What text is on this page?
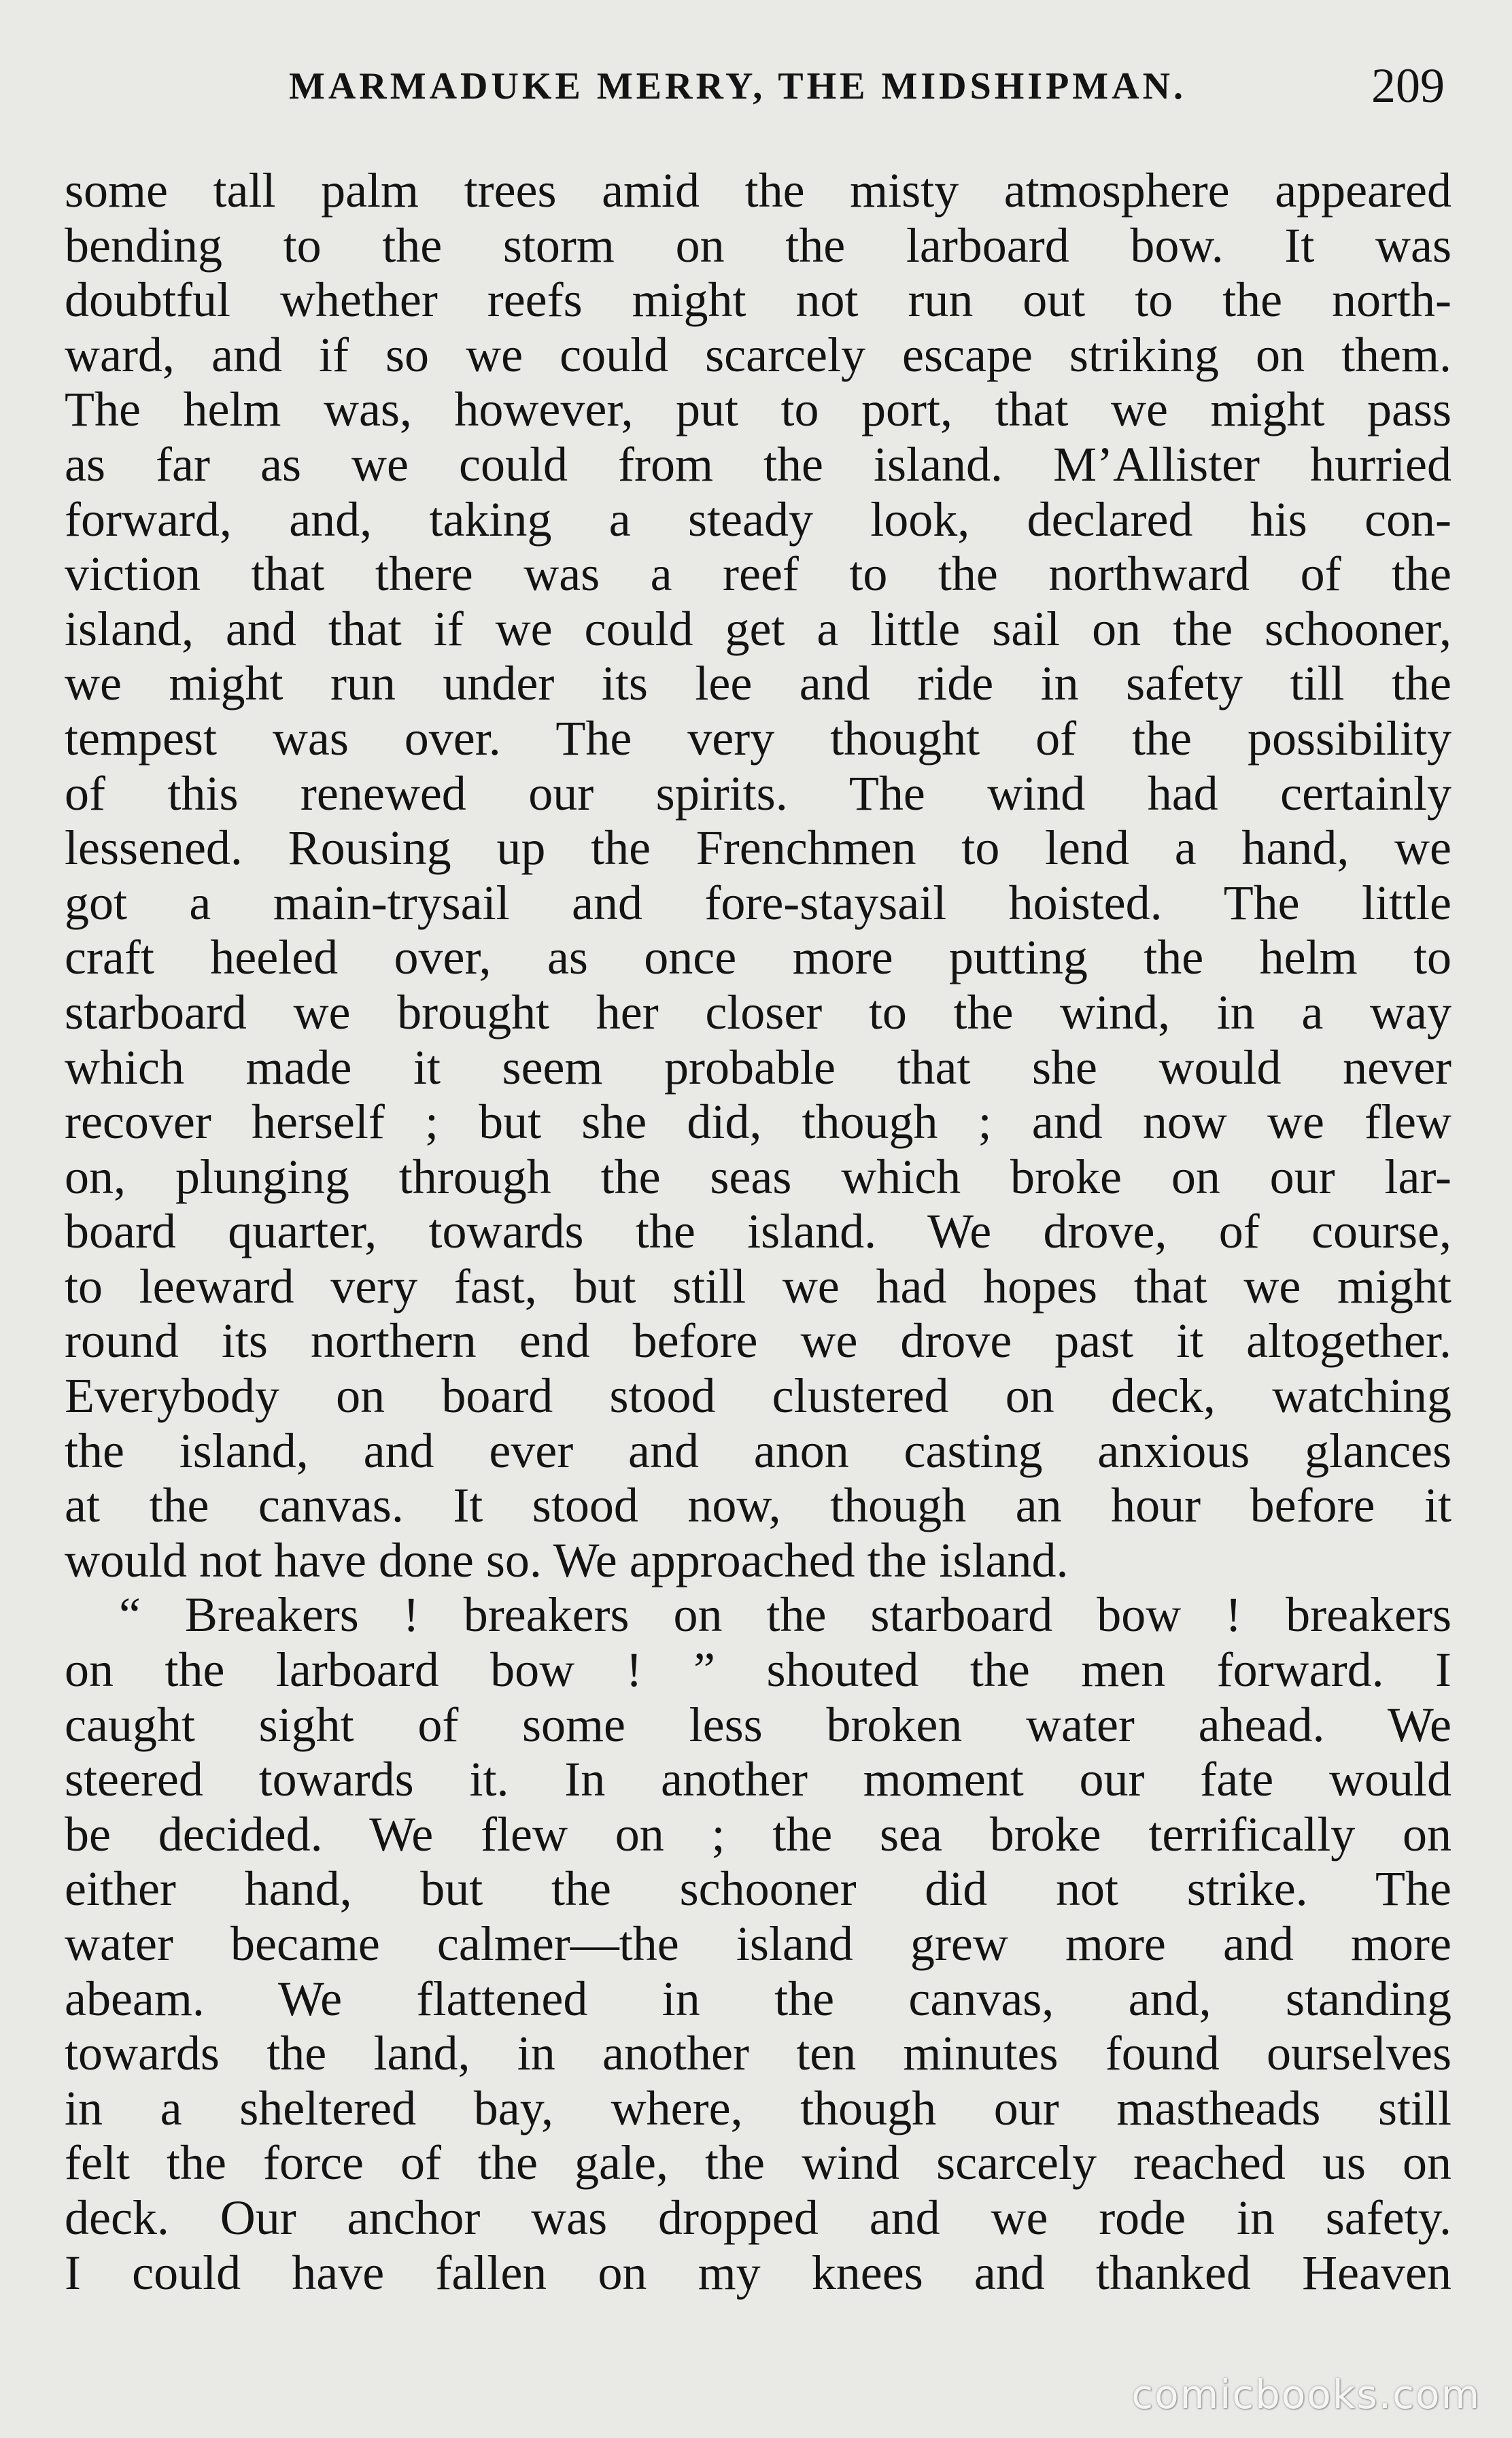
MARMADUKE MERRY, THE MIDSHIPMAN.	209
some tall palm trees amid the misty atmosphere appeared
bending to the storm on the larboard bow. It was
doubtful whether reefs might not run out to the north-
ward, and if so we could scarcely escape striking on them.
The helm was, however, put to port, that we might pass
as far as we could from the island. M’Allister hurried
forward, and, taking a steady look, declared his con-
viction that there was a reef to the northward of the
island, and that if we could get a little sail on the schooner,
we might run under its lee and ride in safety till the
tempest was over. The very thought of the possibility
of this renewed our spirits. The wind had certainly
lessened. Rousing up the Frenchmen to lend a hand, we
got a main-trysail and fore-staysail hoisted. The little
craft heeled over, as once more putting the helm to
starboard we brought her closer to the wind, in a way
which made it seem probable that she would never
recover herself ; but she did, though ; and now we flew
on, plunging through the seas which broke on our lar-
board quarter, towards the island. We drove, of course,
to leeward very fast, but still we had hopes that we might
round its northern end before we drove past it altogether.
Everybody on board stood clustered on deck, watching
the island, and ever and anon casting anxious glances
at the canvas. It stood now, though an hour before it
would not have done so. We approached the island.
“ Breakers ! breakers on the starboard bow ! breakers
on the larboard bow ! ” shouted the men forward. I
caught sight of some less broken water ahead. We
steered towards it. In another moment our fate would
be decided. We flew on ; the sea broke terrifically on
either hand, but the schooner did not strike. The
water became calmer—the island grew more and more
abeam. We flattened in the canvas, and, standing
towards the land, in another ten minutes found ourselves
in a sheltered bay, where, though our mastheads still
felt the force of the gale, the wind scarcely reached us on
deck. Our anchor was dropped and we rode in safety.
I could have fallen on my knees and thanked Heaven
comicbooks.com
